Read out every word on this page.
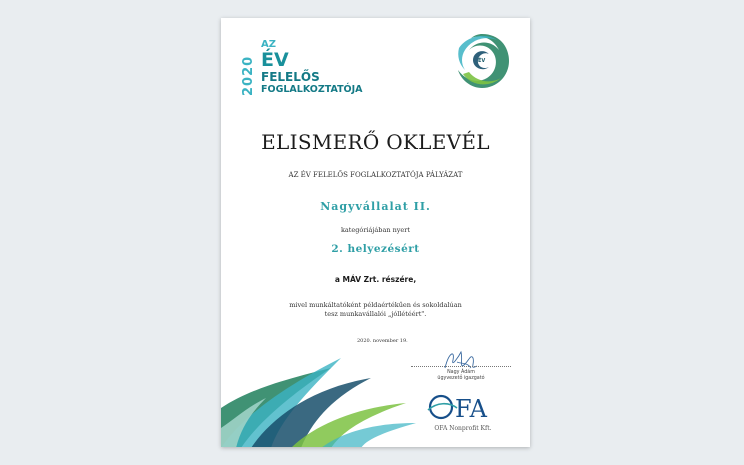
2020
AZ
ÉV
FELELŐS
FOGLALKOZTATÓJA
ÉV
ELISMERŐ OKLEVÉL
AZ ÉV FELELŐS FOGLALKOZTATÓJA PÁLYÁZAT
Nagyvállalat II.
kategóriájában nyert
2. helyezésért
a MÁV Zrt. részére,
mivel munkáltatóként példaértékűen és sokoldalúan
tesz munkavállalói „jóllétéért".
2020. november 19.
Nagy Ádám
ügyvezető igazgató
FA
OFA Nonprofit Kft.
